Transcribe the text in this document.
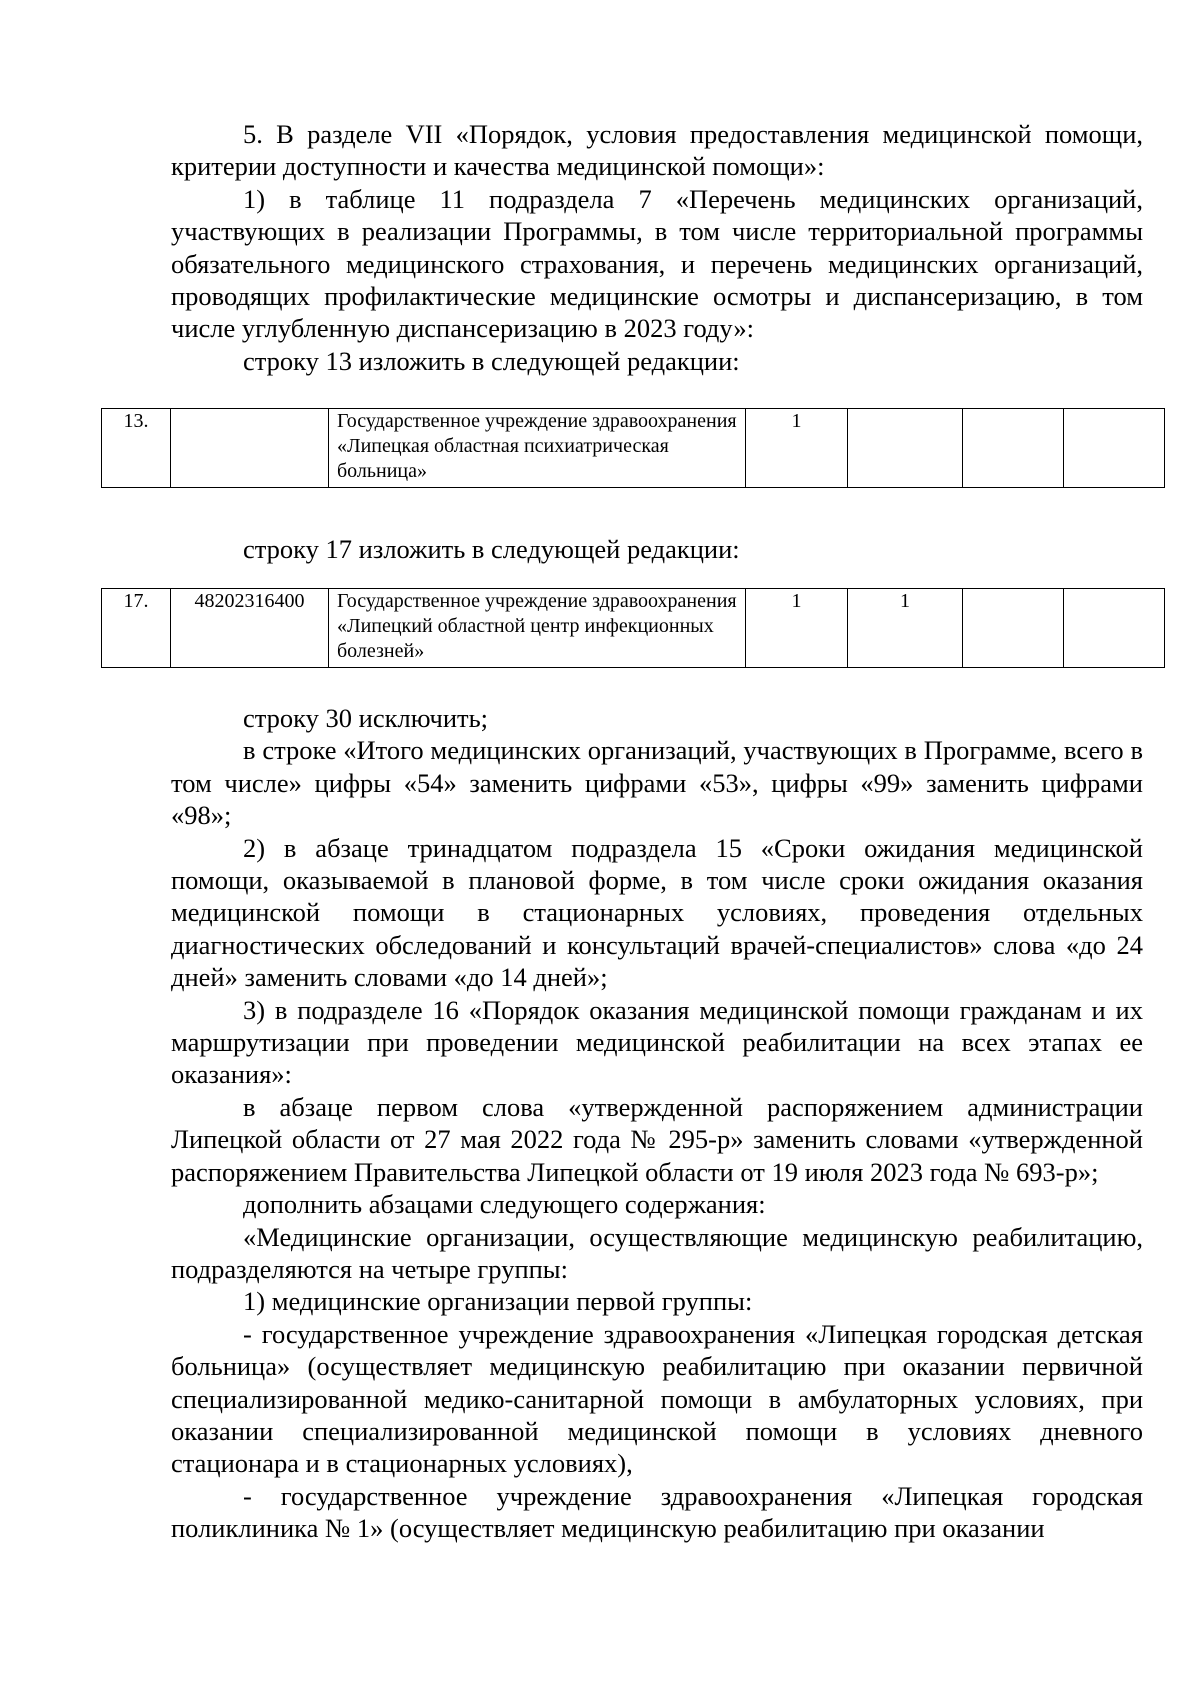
5. В разделе VII «Порядок, условия предоставления медицинской помощи, критерии доступности и качества медицинской помощи»:

1) в таблице 11 подраздела 7 «Перечень медицинских организаций, участвующих в реализации Программы, в том числе территориальной программы обязательного медицинского страхования, и перечень медицинских организаций, проводящих профилактические медицинские осмотры и диспансеризацию, в том числе углубленную диспансеризацию в 2023 году»:

строку 13 изложить в следующей редакции:

13.		Государственное учреждение здравоохранения «Липецкая областная психиатрическая больница»	1			

строку 17 изложить в следующей редакции:

17.	48202316400	Государственное учреждение здравоохранения «Липецкий областной центр инфекционных болезней»	1	1		

строку 30 исключить;

в строке «Итого медицинских организаций, участвующих в Программе, всего в том числе» цифры «54» заменить цифрами «53», цифры «99» заменить цифрами «98»;

2) в абзаце тринадцатом подраздела 15 «Сроки ожидания медицинской помощи, оказываемой в плановой форме, в том числе сроки ожидания оказания медицинской помощи в стационарных условиях, проведения отдельных диагностических обследований и консультаций врачей-специалистов» слова «до 24 дней» заменить словами «до 14 дней»;

3) в подразделе 16 «Порядок оказания медицинской помощи гражданам и их маршрутизации при проведении медицинской реабилитации на всех этапах ее оказания»:

в абзаце первом слова «утвержденной распоряжением администрации Липецкой области от 27 мая 2022 года № 295-р» заменить словами «утвержденной распоряжением Правительства Липецкой области от 19 июля 2023 года № 693-р»;

дополнить абзацами следующего содержания:

«Медицинские организации, осуществляющие медицинскую реабилитацию, подразделяются на четыре группы:

1) медицинские организации первой группы:

- государственное учреждение здравоохранения «Липецкая городская детская больница» (осуществляет медицинскую реабилитацию при оказании первичной специализированной медико-санитарной помощи в амбулаторных условиях, при оказании специализированной медицинской помощи в условиях дневного стационара и в стационарных условиях),

- государственное учреждение здравоохранения «Липецкая городская поликлиника № 1» (осуществляет медицинскую реабилитацию при оказании
